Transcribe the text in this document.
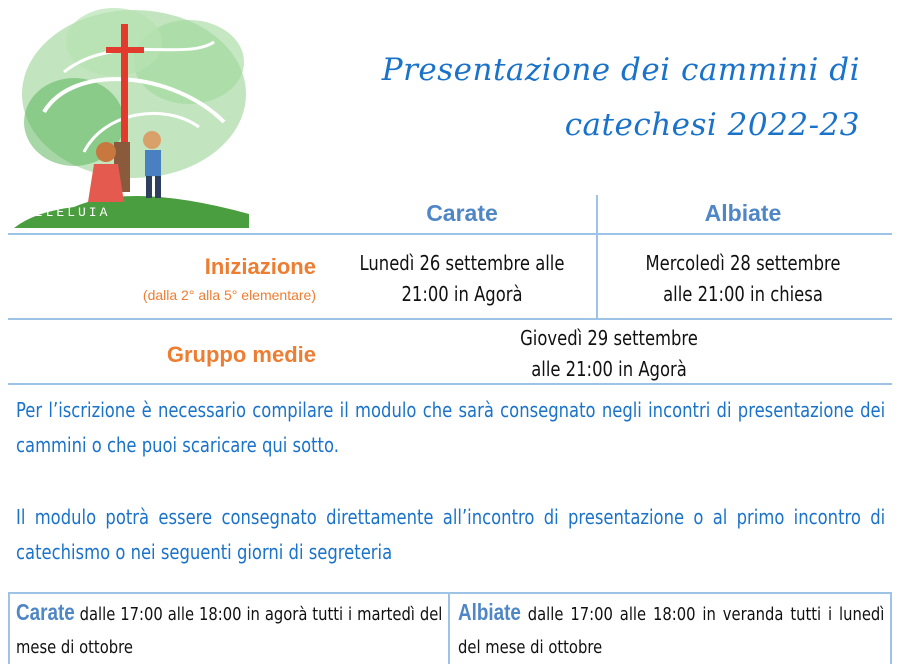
ALLELUIA
Presentazione dei cammini di
catechesi 2022-23
Carate	Albiate
Iniziazione
(dalla 2° alla 5° elementare)
Lunedì 26 settembre alle
21:00 in Agorà
Mercoledì 28 settembre
alle 21:00 in chiesa
Gruppo medie
Giovedì 29 settembre
alle 21:00 in Agorà
Per l’iscrizione è necessario compilare il modulo che sarà consegnato negli incontri di presentazione dei cammini o che puoi scaricare qui sotto.
Il modulo potrà essere consegnato direttamente all’incontro di presentazione o al primo incontro di catechismo o nei seguenti giorni di segreteria
Carate dalle 17:00 alle 18:00 in agorà tutti i martedì del mese di ottobre
Albiate dalle 17:00 alle 18:00 in veranda tutti i lunedì del mese di ottobre
